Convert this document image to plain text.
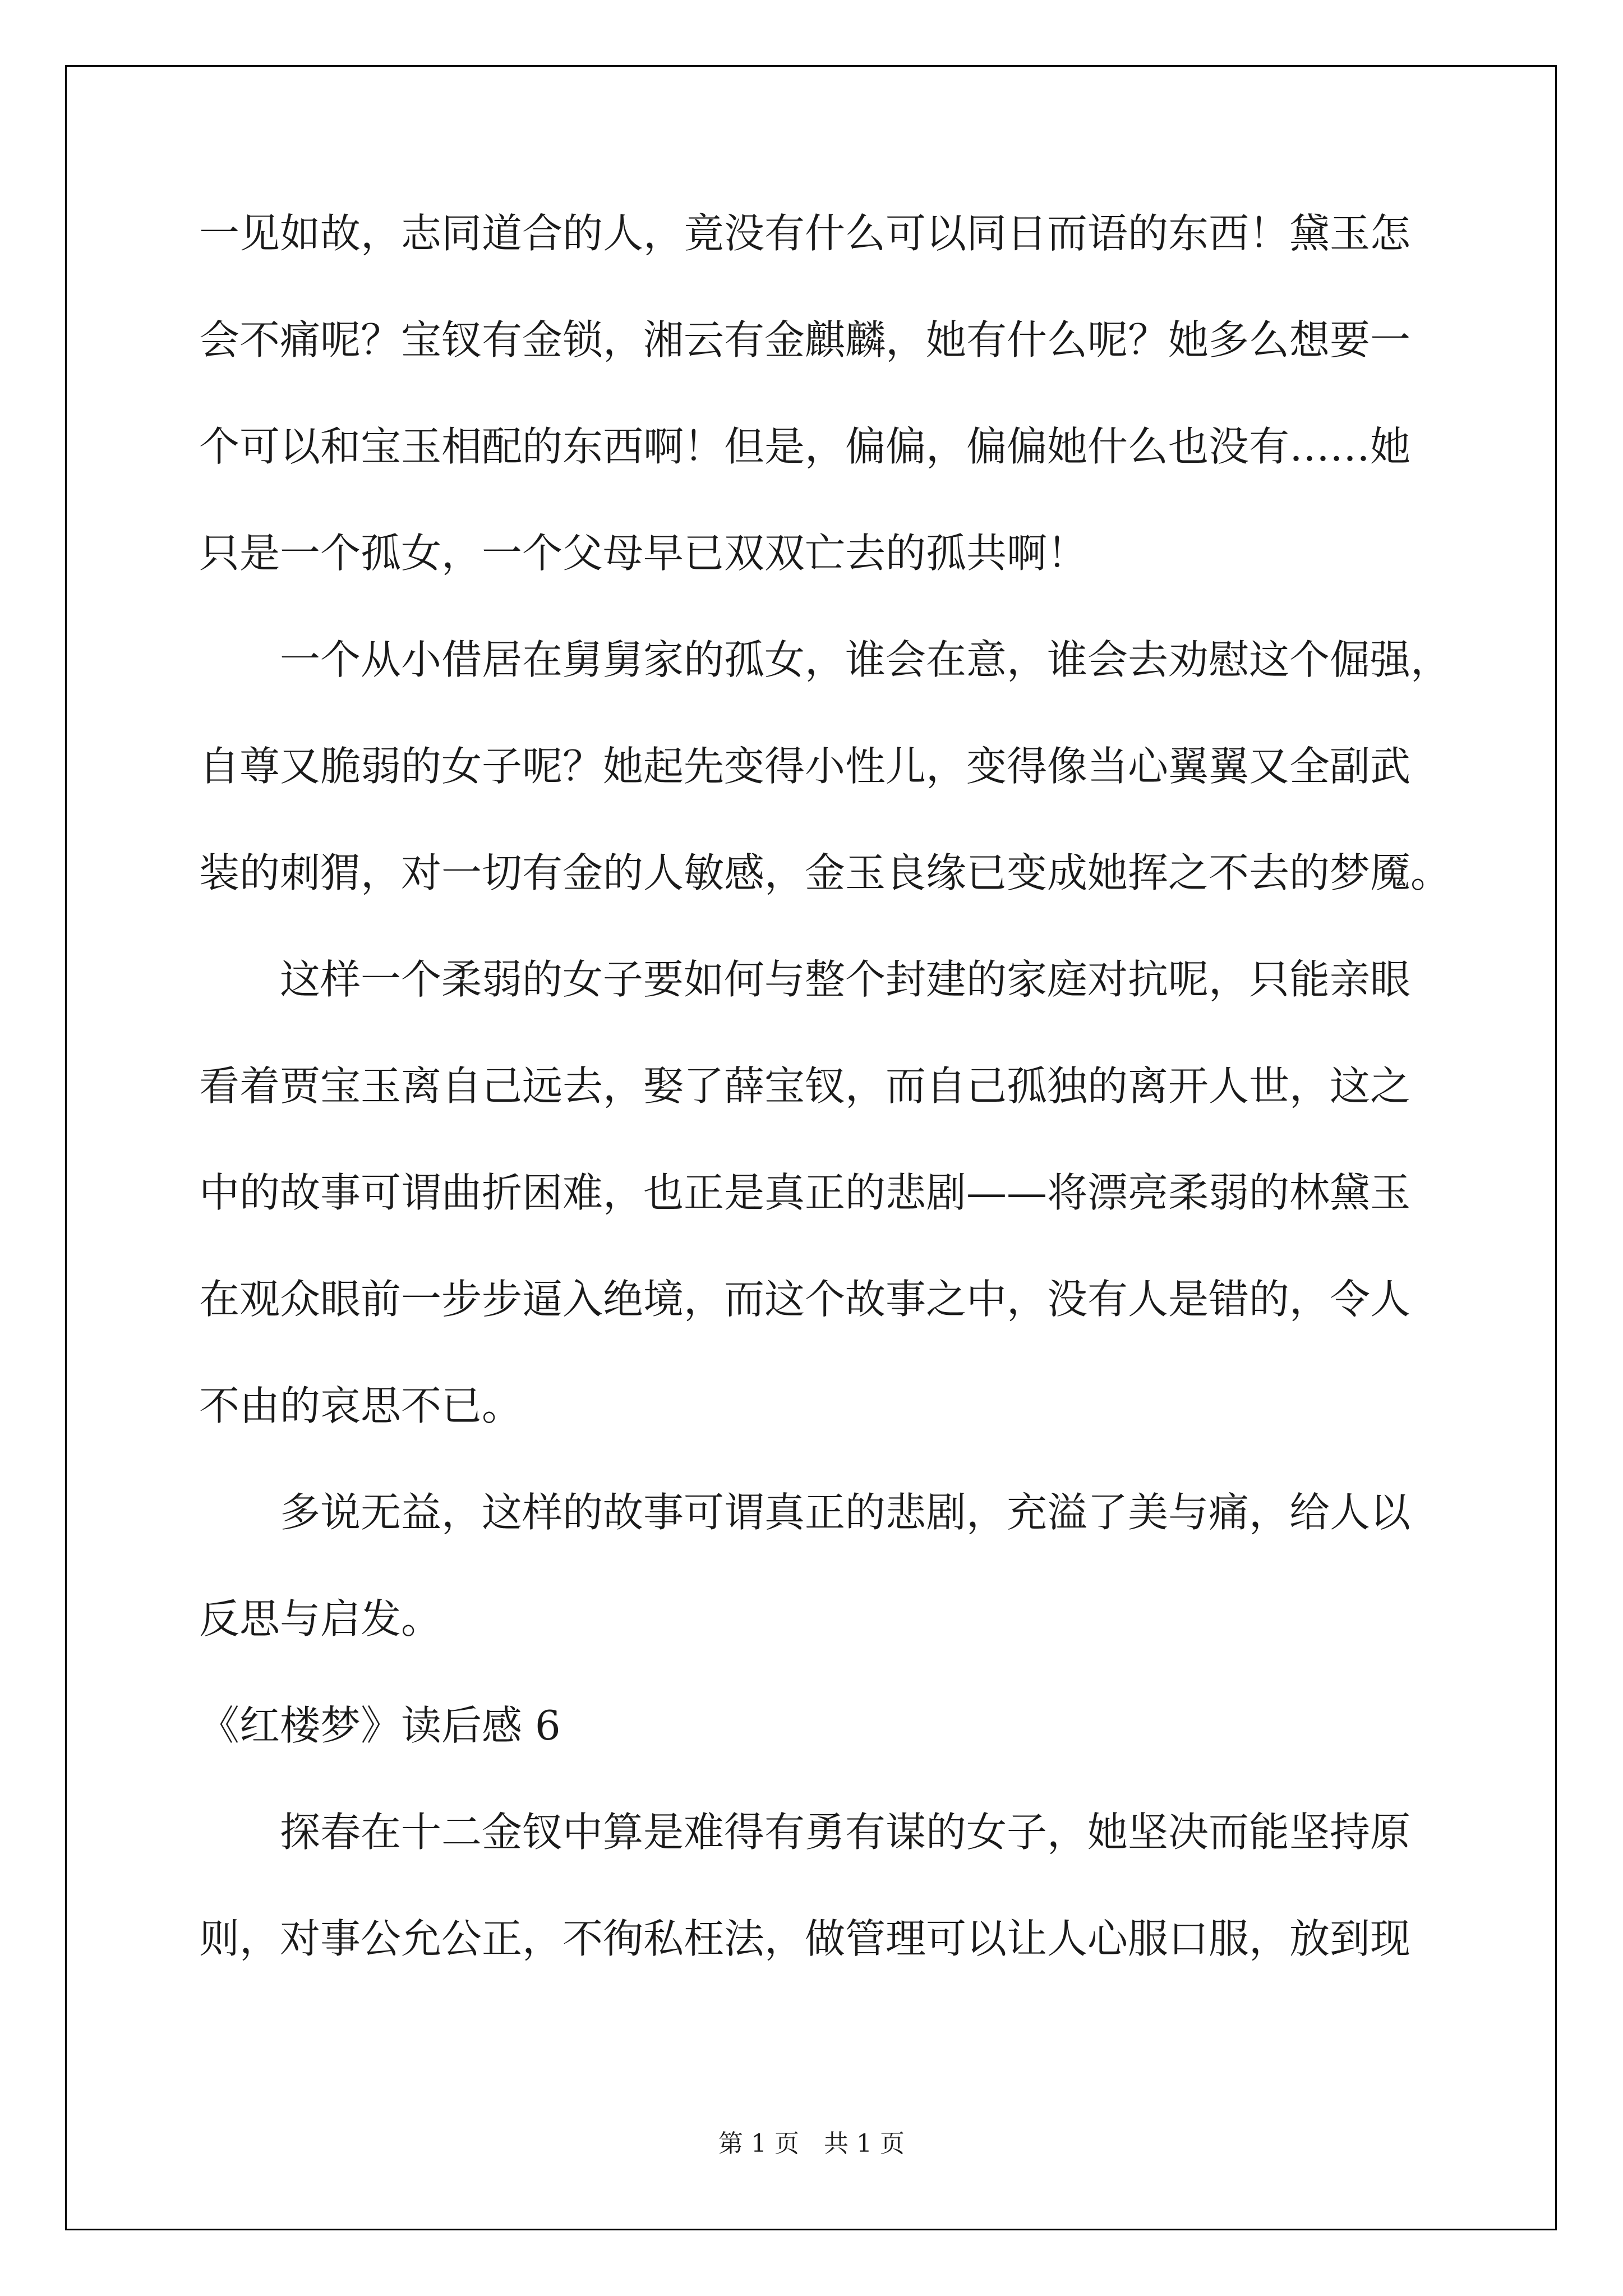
一见如故，志同道合的人，竟没有什么可以同日而语的东西！黛玉怎

会不痛呢？宝钗有金锁，湘云有金麒麟，她有什么呢？她多么想要一

个可以和宝玉相配的东西啊！但是，偏偏，偏偏她什么也没有……她

只是一个孤女，一个父母早已双双亡去的孤共啊！

一个从小借居在舅舅家的孤女，谁会在意，谁会去劝慰这个倔强，

自尊又脆弱的女子呢？她起先变得小性儿，变得像当心翼翼又全副武

装的刺猬，对一切有金的人敏感，金玉良缘已变成她挥之不去的梦魇。

这样一个柔弱的女子要如何与整个封建的家庭对抗呢，只能亲眼

看着贾宝玉离自己远去，娶了薛宝钗，而自己孤独的离开人世，这之

中的故事可谓曲折困难，也正是真正的悲剧——将漂亮柔弱的林黛玉

在观众眼前一步步逼入绝境，而这个故事之中，没有人是错的，令人

不由的哀思不已。

多说无益，这样的故事可谓真正的悲剧，充溢了美与痛，给人以

反思与启发。

《红楼梦》读后感 6

探春在十二金钗中算是难得有勇有谋的女子，她坚决而能坚持原

则，对事公允公正，不徇私枉法，做管理可以让人心服口服，放到现

第 1 页　共 1 页
